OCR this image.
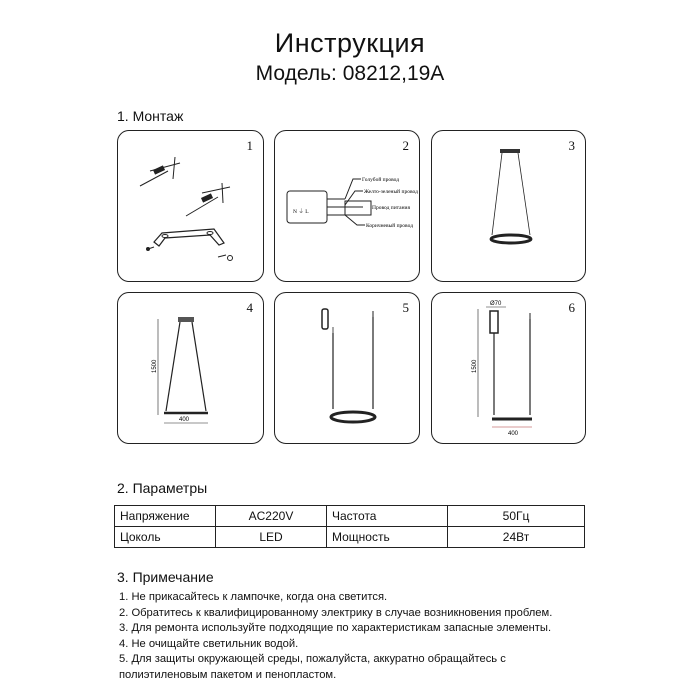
Инструкция
Модель: 08212,19А
1. Монтаж
1	2
N ⏚ L
Голубой провод
Желто-зеленый провод
Провод питания
Коричневый провод
3
4
1500
400
5	6
Ø70
1500
400
2. Параметры
Напряжение	AC220V	Частота	50Гц
Цоколь	LED	Мощность	24Вт
3. Примечание
1. Не прикасайтесь к лампочке, когда она светится.
2. Обратитесь к квалифицированному электрику в случае возникновения проблем.
3. Для ремонта используйте подходящие по характеристикам запасные элементы.
4. Не очищайте светильник водой.
5. Для защиты окружающей среды, пожалуйста, аккуратно обращайтесь с
полиэтиленовым пакетом и пенопластом.
